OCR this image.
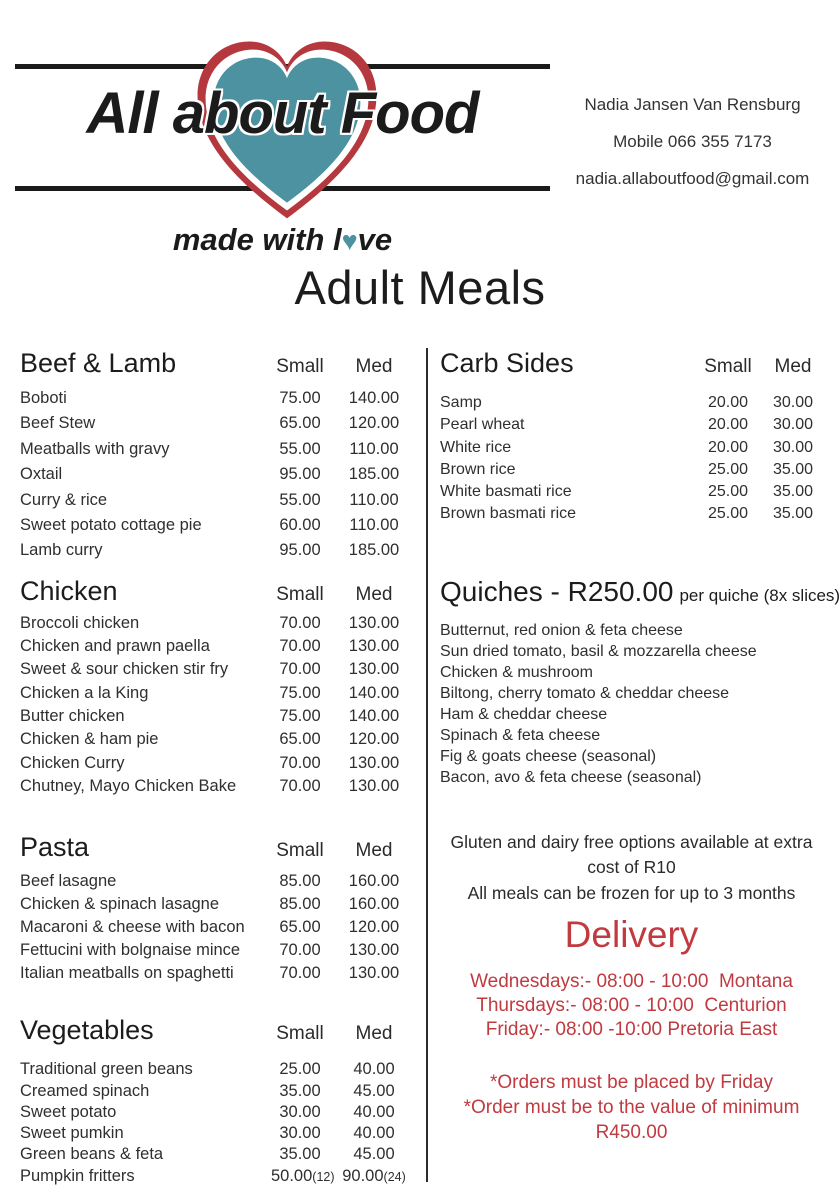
All about Food
made with l♥ve
Nadia Jansen Van Rensburg
Mobile 066 355 7173
nadia.allaboutfood@gmail.com
Adult Meals
Beef & Lamb	Small	Med
Boboti	75.00	140.00
Beef Stew	65.00	120.00
Meatballs with gravy	55.00	110.00
Oxtail	95.00	185.00
Curry & rice	55.00	110.00
Sweet potato cottage pie	60.00	110.00
Lamb curry	95.00	185.00
Chicken	Small	Med
Broccoli chicken	70.00	130.00
Chicken and prawn paella	70.00	130.00
Sweet & sour chicken stir fry	70.00	130.00
Chicken a la King	75.00	140.00
Butter chicken	75.00	140.00
Chicken & ham pie	65.00	120.00
Chicken Curry	70.00	130.00
Chutney, Mayo Chicken Bake	70.00	130.00
Pasta	Small	Med
Beef lasagne	85.00	160.00
Chicken & spinach lasagne	85.00	160.00
Macaroni & cheese with bacon	65.00	120.00
Fettucini with bolgnaise mince	70.00	130.00
Italian meatballs on spaghetti	70.00	130.00
Vegetables	Small	Med
Traditional green beans	25.00	40.00
Creamed spinach	35.00	45.00
Sweet potato	30.00	40.00
Sweet pumkin	30.00	40.00
Green beans & feta	35.00	45.00
Pumpkin fritters	50.00(12) 90.00(24)
Carb Sides	Small	Med
Samp	20.00	30.00
Pearl wheat	20.00	30.00
White rice	20.00	30.00
Brown rice	25.00	35.00
White basmati rice	25.00	35.00
Brown basmati rice	25.00	35.00
Quiches - R250.00 per quiche (8x slices)
Butternut, red onion & feta cheese
Sun dried tomato, basil & mozzarella cheese
Chicken & mushroom
Biltong, cherry tomato & cheddar cheese
Ham & cheddar cheese
Spinach & feta cheese
Fig & goats cheese (seasonal)
Bacon, avo & feta cheese (seasonal)
Gluten and dairy free options available at extra cost of R10
All meals can be frozen for up to 3 months
Delivery
Wednesdays:- 08:00 - 10:00  Montana
Thursdays:- 08:00 - 10:00  Centurion
Friday:- 08:00 -10:00 Pretoria East
*Orders must be placed by Friday
*Order must be to the value of minimum R450.00
